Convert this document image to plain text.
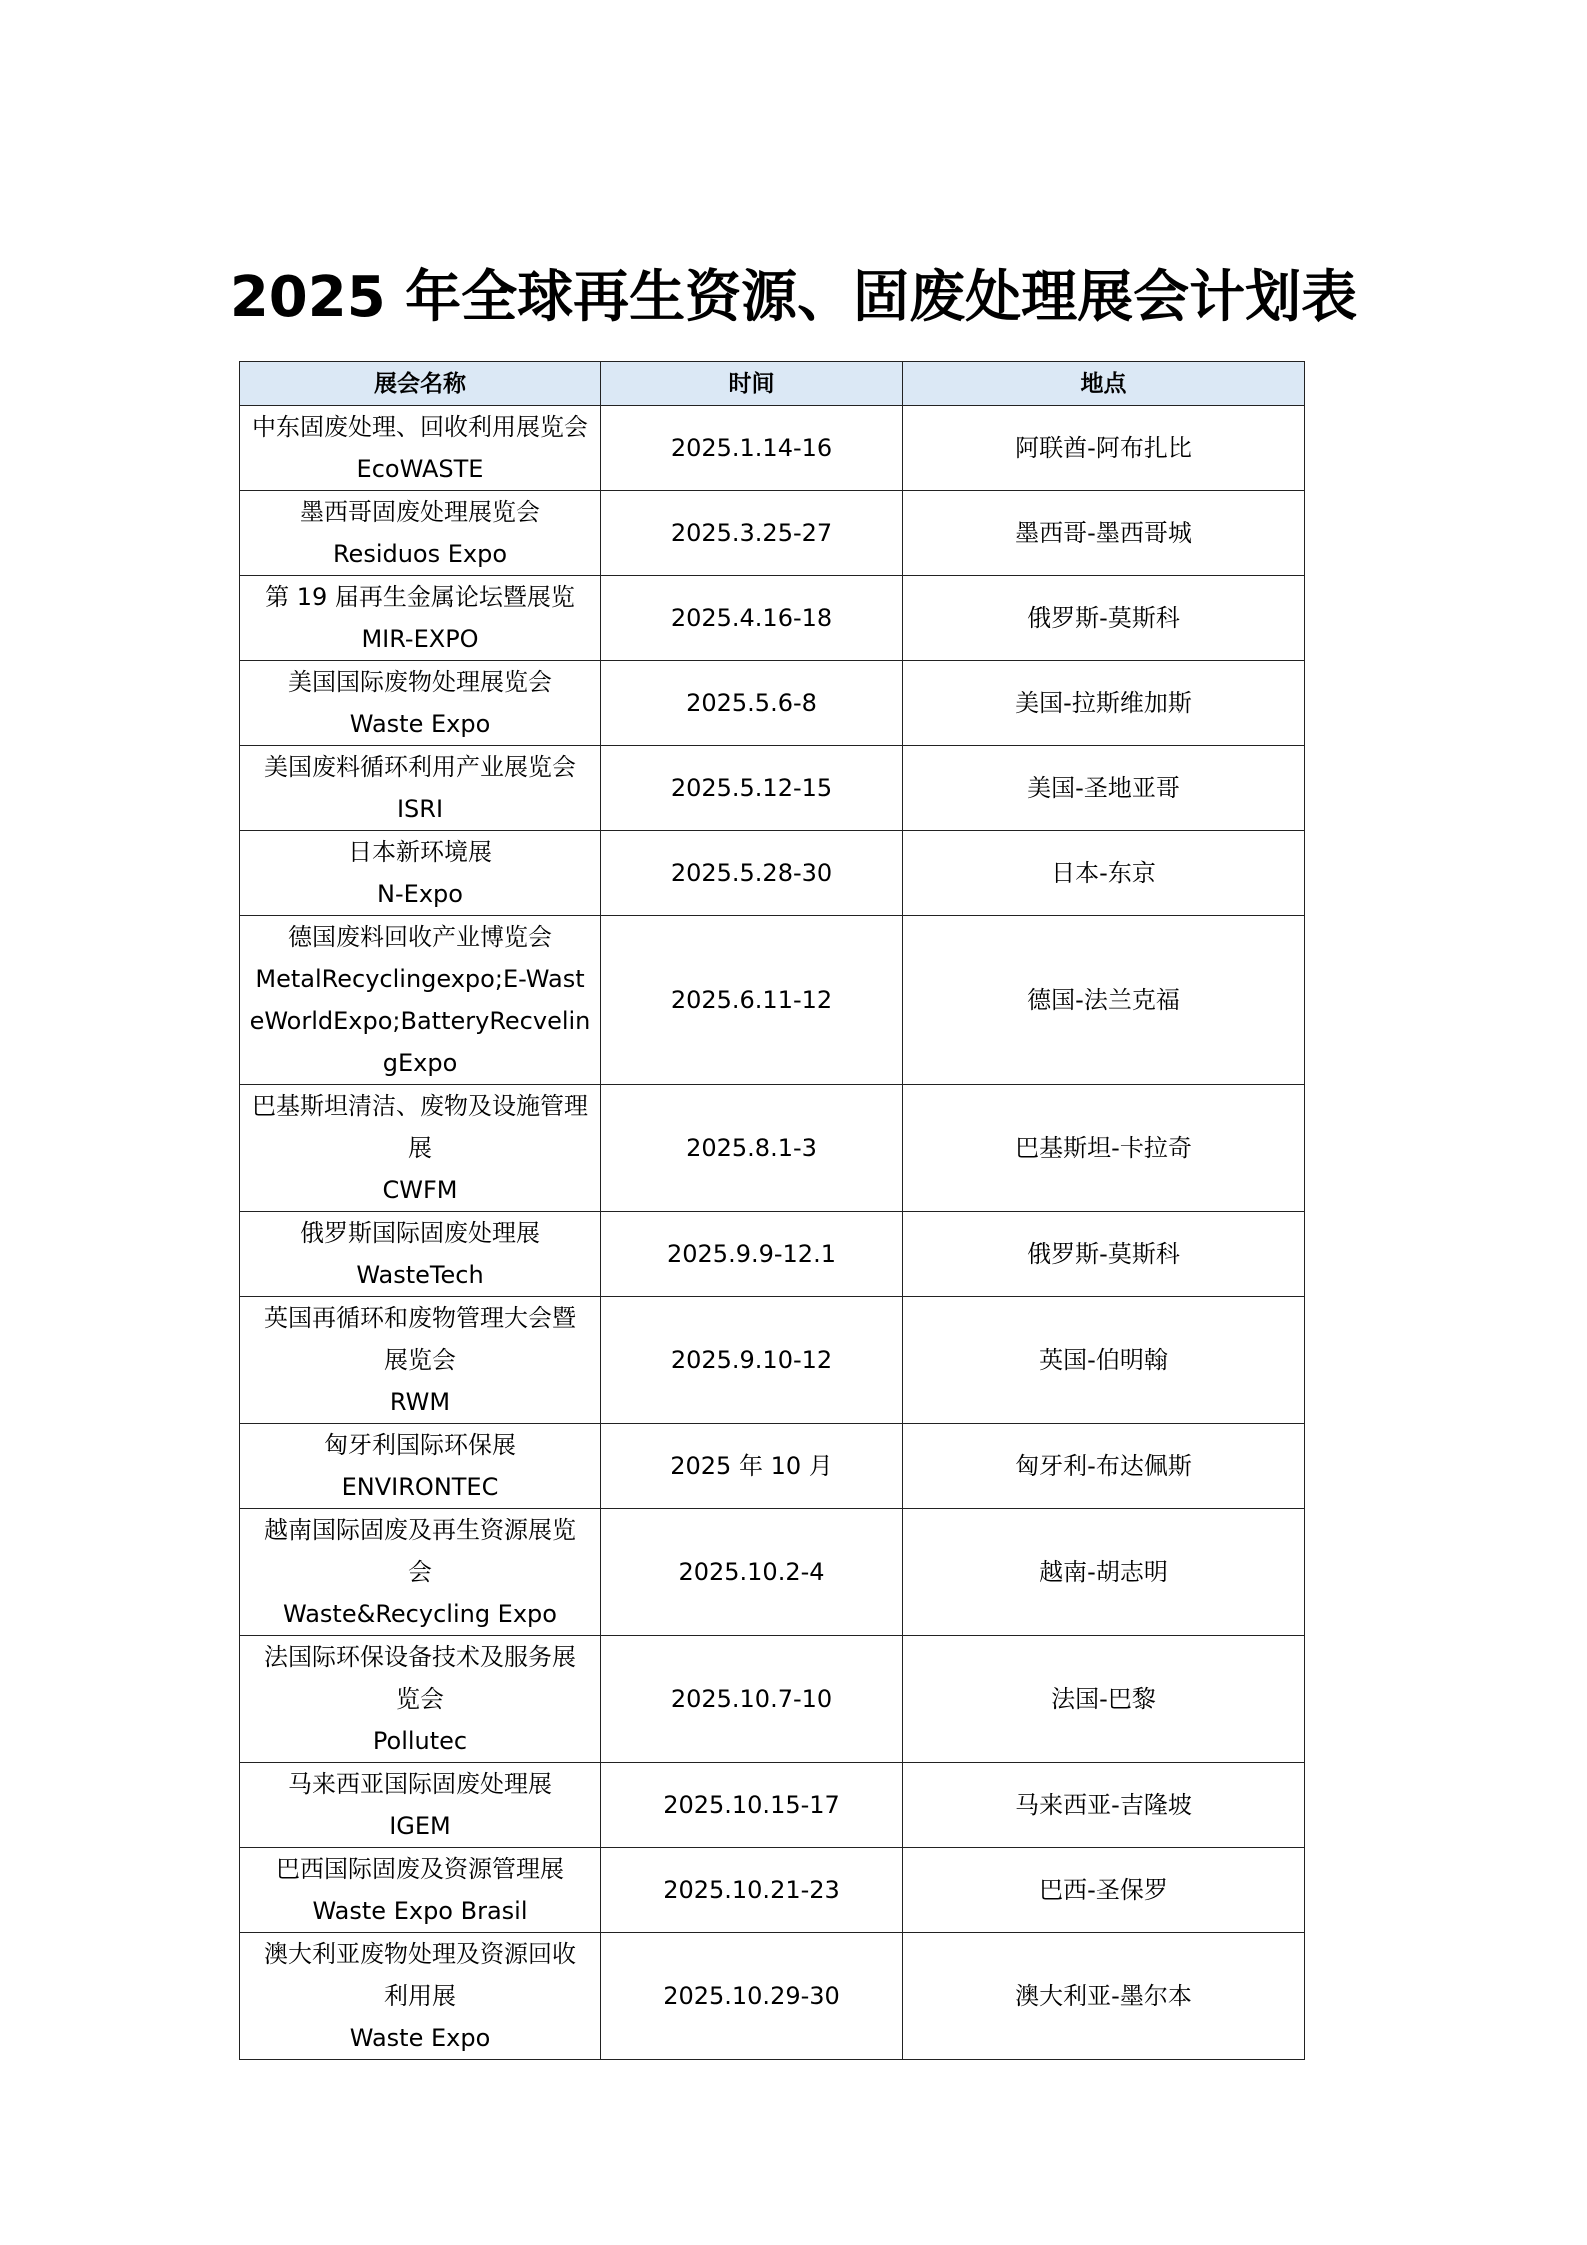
2025 年全球再生资源、固废处理展会计划表
展会名称	时间	地点

中东固废处理、回收利用展览会
EcoWASTE	2025.1.14-16	阿联酋-阿布扎比

墨西哥固废处理展览会
Residuos Expo	2025.3.25-27	墨西哥-墨西哥城

第 19 届再生金属论坛暨展览
MIR-EXPO	2025.4.16-18	俄罗斯-莫斯科

美国国际废物处理展览会
Waste Expo	2025.5.6-8	美国-拉斯维加斯

美国废料循环利用产业展览会
ISRI	2025.5.12-15	美国-圣地亚哥

日本新环境展
N-Expo	2025.5.28-30	日本-东京

德国废料回收产业博览会
MetalRecyclingexpo;E-Wast
eWorldExpo;BatteryRecvelin
gExpo	2025.6.11-12	德国-法兰克福

巴基斯坦清洁、废物及设施管理
展
CWFM	2025.8.1-3	巴基斯坦-卡拉奇

俄罗斯国际固废处理展
WasteTech	2025.9.9-12.1	俄罗斯-莫斯科

英国再循环和废物管理大会暨
展览会
RWM	2025.9.10-12	英国-伯明翰

匈牙利国际环保展
ENVIRONTEC	2025 年 10 月	匈牙利-布达佩斯

越南国际固废及再生资源展览
会
Waste&Recycling Expo	2025.10.2-4	越南-胡志明

法国际环保设备技术及服务展
览会
Pollutec	2025.10.7-10	法国-巴黎

马来西亚国际固废处理展
IGEM	2025.10.15-17	马来西亚-吉隆坡

巴西国际固废及资源管理展
Waste Expo Brasil	2025.10.21-23	巴西-圣保罗

澳大利亚废物处理及资源回收
利用展
Waste Expo	2025.10.29-30	澳大利亚-墨尔本
